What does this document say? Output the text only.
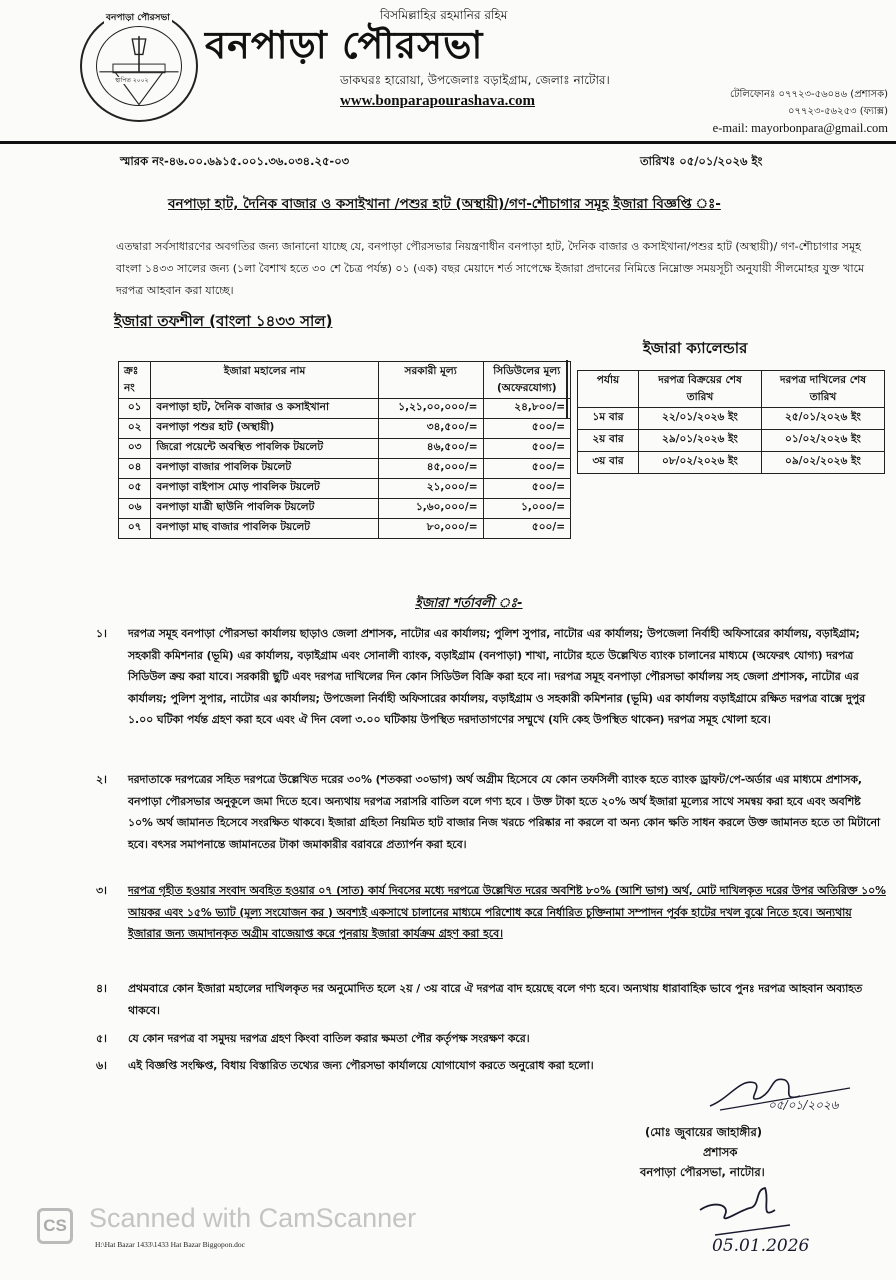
বনপাড়া পৌরসভা
স্থাপিত ২০০২
বিসমিল্লাহির রহমানির রহিম
বনপাড়া পৌরসভা
ডাকঘরঃ হারোয়া, উপজেলাঃ বড়াইগ্রাম, জেলাঃ নাটোর।
www.bonparapourashava.com	টেলিফোনঃ ০৭৭২৩-৫৬০৪৬ (প্রশাসক)
০৭৭২৩-৫৬২৫৩ (ফ্যাক্স)
e-mail: mayorbonpara@gmail.com
স্মারক নং-৪৬.০০.৬৯১৫.০০১.৩৬.০৩৪.২৫-০৩	তারিখঃ ০৫/০১/২০২৬ ইং
বনপাড়া হাট, দৈনিক বাজার ও কসাইখানা /পশুর হাট (অস্থায়ী)/গণ-শৌচাগার সমূহ ইজারা বিজ্ঞপ্তি ঃ-

এতদ্বারা সর্বসাধারণের অবগতির জন্য জানানো যাচ্ছে যে, বনপাড়া পৌরসভার নিয়ন্ত্রণাধীন বনপাড়া হাট, দৈনিক বাজার ও কসাইখানা/পশুর হাট (অস্থায়ী)/ গণ-শৌচাগার সমূহ বাংলা ১৪৩৩ সালের জন্য (১লা বৈশাখ হতে ৩০ শে চৈত্র পর্যন্ত) ০১ (এক) বছর মেয়াদে শর্ত সাপেক্ষে ইজারা প্রদানের নিমিত্তে নিম্নোক্ত সময়সূচী অনুযায়ী সীলমোহর যুক্ত খামে দরপত্র আহবান করা যাচ্ছে।

ইজারা তফশীল (বাংলা ১৪৩৩ সাল)
ক্রঃ নং	ইজারা মহালের নাম	সরকারী মূল্য	সিডিউলের মূল্য (অফেরযোগ্য)
০১	বনপাড়া হাট, দৈনিক বাজার ও কসাইখানা	১,২১,০০,০০০/=	২৪,৮০০/=
০২	বনপাড়া পশুর হাট (অস্থায়ী)	৩৪,৫০০/=	৫০০/=
০৩	জিরো পয়েন্টে অবস্থিত পাবলিক টয়লেট	৪৬,৫০০/=	৫০০/=
০৪	বনপাড়া বাজার পাবলিক টয়লেট	৪৫,০০০/=	৫০০/=
০৫	বনপাড়া বাইপাস মোড় পাবলিক টয়লেট	২১,০০০/=	৫০০/=
০৬	বনপাড়া যাত্রী ছাউনি পাবলিক টয়লেট	১,৬০,০০০/=	১,০০০/=
০৭	বনপাড়া মাছ বাজার পাবলিক টয়লেট	৮০,০০০/=	৫০০/=
ইজারা ক্যালেন্ডার
পর্যায়	দরপত্র বিক্রয়ের শেষ তারিখ	দরপত্র দাখিলের শেষ তারিখ
১ম বার	২২/০১/২০২৬ ইং	২৫/০১/২০২৬ ইং
২য় বার	২৯/০১/২০২৬ ইং	০১/০২/২০২৬ ইং
৩য় বার	০৮/০২/২০২৬ ইং	০৯/০২/২০২৬ ইং
ইজারা শর্তাবলী ঃ-
১। দরপত্র সমূহ বনপাড়া পৌরসভা কার্যালয় ছাড়াও জেলা প্রশাসক, নাটোর এর কার্যালয়; পুলিশ সুপার, নাটোর এর কার্যালয়; উপজেলা নির্বাহী অফিসারের কার্যালয়, বড়াইগ্রাম; সহকারী কমিশনার (ভূমি) এর কার্যালয়, বড়াইগ্রাম এবং সোনালী ব্যাংক, বড়াইগ্রাম (বনপাড়া) শাখা, নাটোর হতে উল্লেখিত ব্যাংক চালানের মাধ্যমে (অফেরৎ যোগ্য) দরপত্র সিডিউল ক্রয় করা যাবে। সরকারী ছুটি এবং দরপত্র দাখিলের দিন কোন সিডিউল বিক্রি করা হবে না। দরপত্র সমূহ বনপাড়া পৌরসভা কার্যালয় সহ জেলা প্রশাসক, নাটোর এর কার্যালয়; পুলিশ সুপার, নাটোর এর কার্যালয়; উপজেলা নির্বাহী অফিসারের কার্যালয়, বড়াইগ্রাম ও সহকারী কমিশনার (ভূমি) এর কার্যালয় বড়াইগ্রামে রক্ষিত দরপত্র বাক্সে দুপুর ১.০০ ঘটিকা পর্যন্ত গ্রহণ করা হবে এবং ঐ দিন বেলা ৩.০০ ঘটিকায় উপস্থিত দরদাতাগণের সম্মুখে (যদি কেহ উপস্থিত থাকেন) দরপত্র সমূহ খোলা হবে।
২। দরদাতাকে দরপত্রের সহিত দরপত্রে উল্লেখিত দরের ৩০% (শতকরা ৩০ভাগ) অর্থ অগ্রীম হিসেবে যে কোন তফসিলী ব্যাংক হতে ব্যাংক ড্রাফট/পে-অর্ডার এর মাধ্যমে প্রশাসক, বনপাড়া পৌরসভার অনুকূলে জমা দিতে হবে। অন্যথায় দরপত্র সরাসরি বাতিল বলে গণ্য হবে । উক্ত টাকা হতে ২০% অর্থ ইজারা মূল্যের সাথে সমন্বয় করা হবে এবং অবশিষ্ট ১০% অর্থ জামানত হিসেবে সংরক্ষিত থাকবে। ইজারা গ্রহিতা নিয়মিত হাট বাজার নিজ খরচে পরিষ্কার না করলে বা অন্য কোন ক্ষতি সাধন করলে উক্ত জামানত হতে তা মিটানো হবে। বৎসর সমাপনান্তে জামানতের টাকা জমাকারীর বরাবরে প্রত্যার্পন করা হবে।
৩। দরপত্র গৃহীত হওয়ার সংবাদ অবহিত হওয়ার ০৭ (সাত) কার্য দিবসের মধ্যে দরপত্রে উল্লেখিত দরের অবশিষ্ট ৮০% (আশি ভাগ) অর্থ, মোট দাখিলকৃত দরের উপর অতিরিক্ত ১০% আয়কর এবং ১৫% ভ্যাট (মূল্য সংযোজন কর ) অবশ্যই একসাথে চালানের মাধ্যমে পরিশোধ করে নির্ধারিত চুক্তিনামা সম্পাদন পূর্বক হাটের দখল বুঝে নিতে হবে। অন্যথায় ইজারার জন্য জমাদানকৃত অগ্রীম বাজেয়াপ্ত করে পুনরায় ইজারা কার্যক্রম গ্রহণ করা হবে।
৪। প্রথমবারে কোন ইজারা মহালের দাখিলকৃত দর অনুমোদিত হলে ২য় / ৩য় বারে ঐ দরপত্র বাদ হয়েছে বলে গণ্য হবে। অন্যথায় ধারাবাহিক ভাবে পুনঃ দরপত্র আহবান অব্যাহত থাকবে।
৫। যে কোন দরপত্র বা সমুদয় দরপত্র গ্রহণ কিংবা বাতিল করার ক্ষমতা পৌর কর্তৃপক্ষ সংরক্ষণ করে।
৬। এই বিজ্ঞপ্তি সংক্ষিপ্ত, বিধায় বিস্তারিত তথ্যের জন্য পৌরসভা কার্যালয়ে যোগাযোগ করতে অনুরোধ করা হলো।
০৫/০১/২০২৬
(মোঃ জুবায়ের জাহাঙ্গীর)
প্রশাসক
বনপাড়া পৌরসভা, নাটোর।
05.01.2026
CS Scanned with CamScanner
H:\Hat Bazar 1433\1433 Hat Bazar Biggopon.doc
